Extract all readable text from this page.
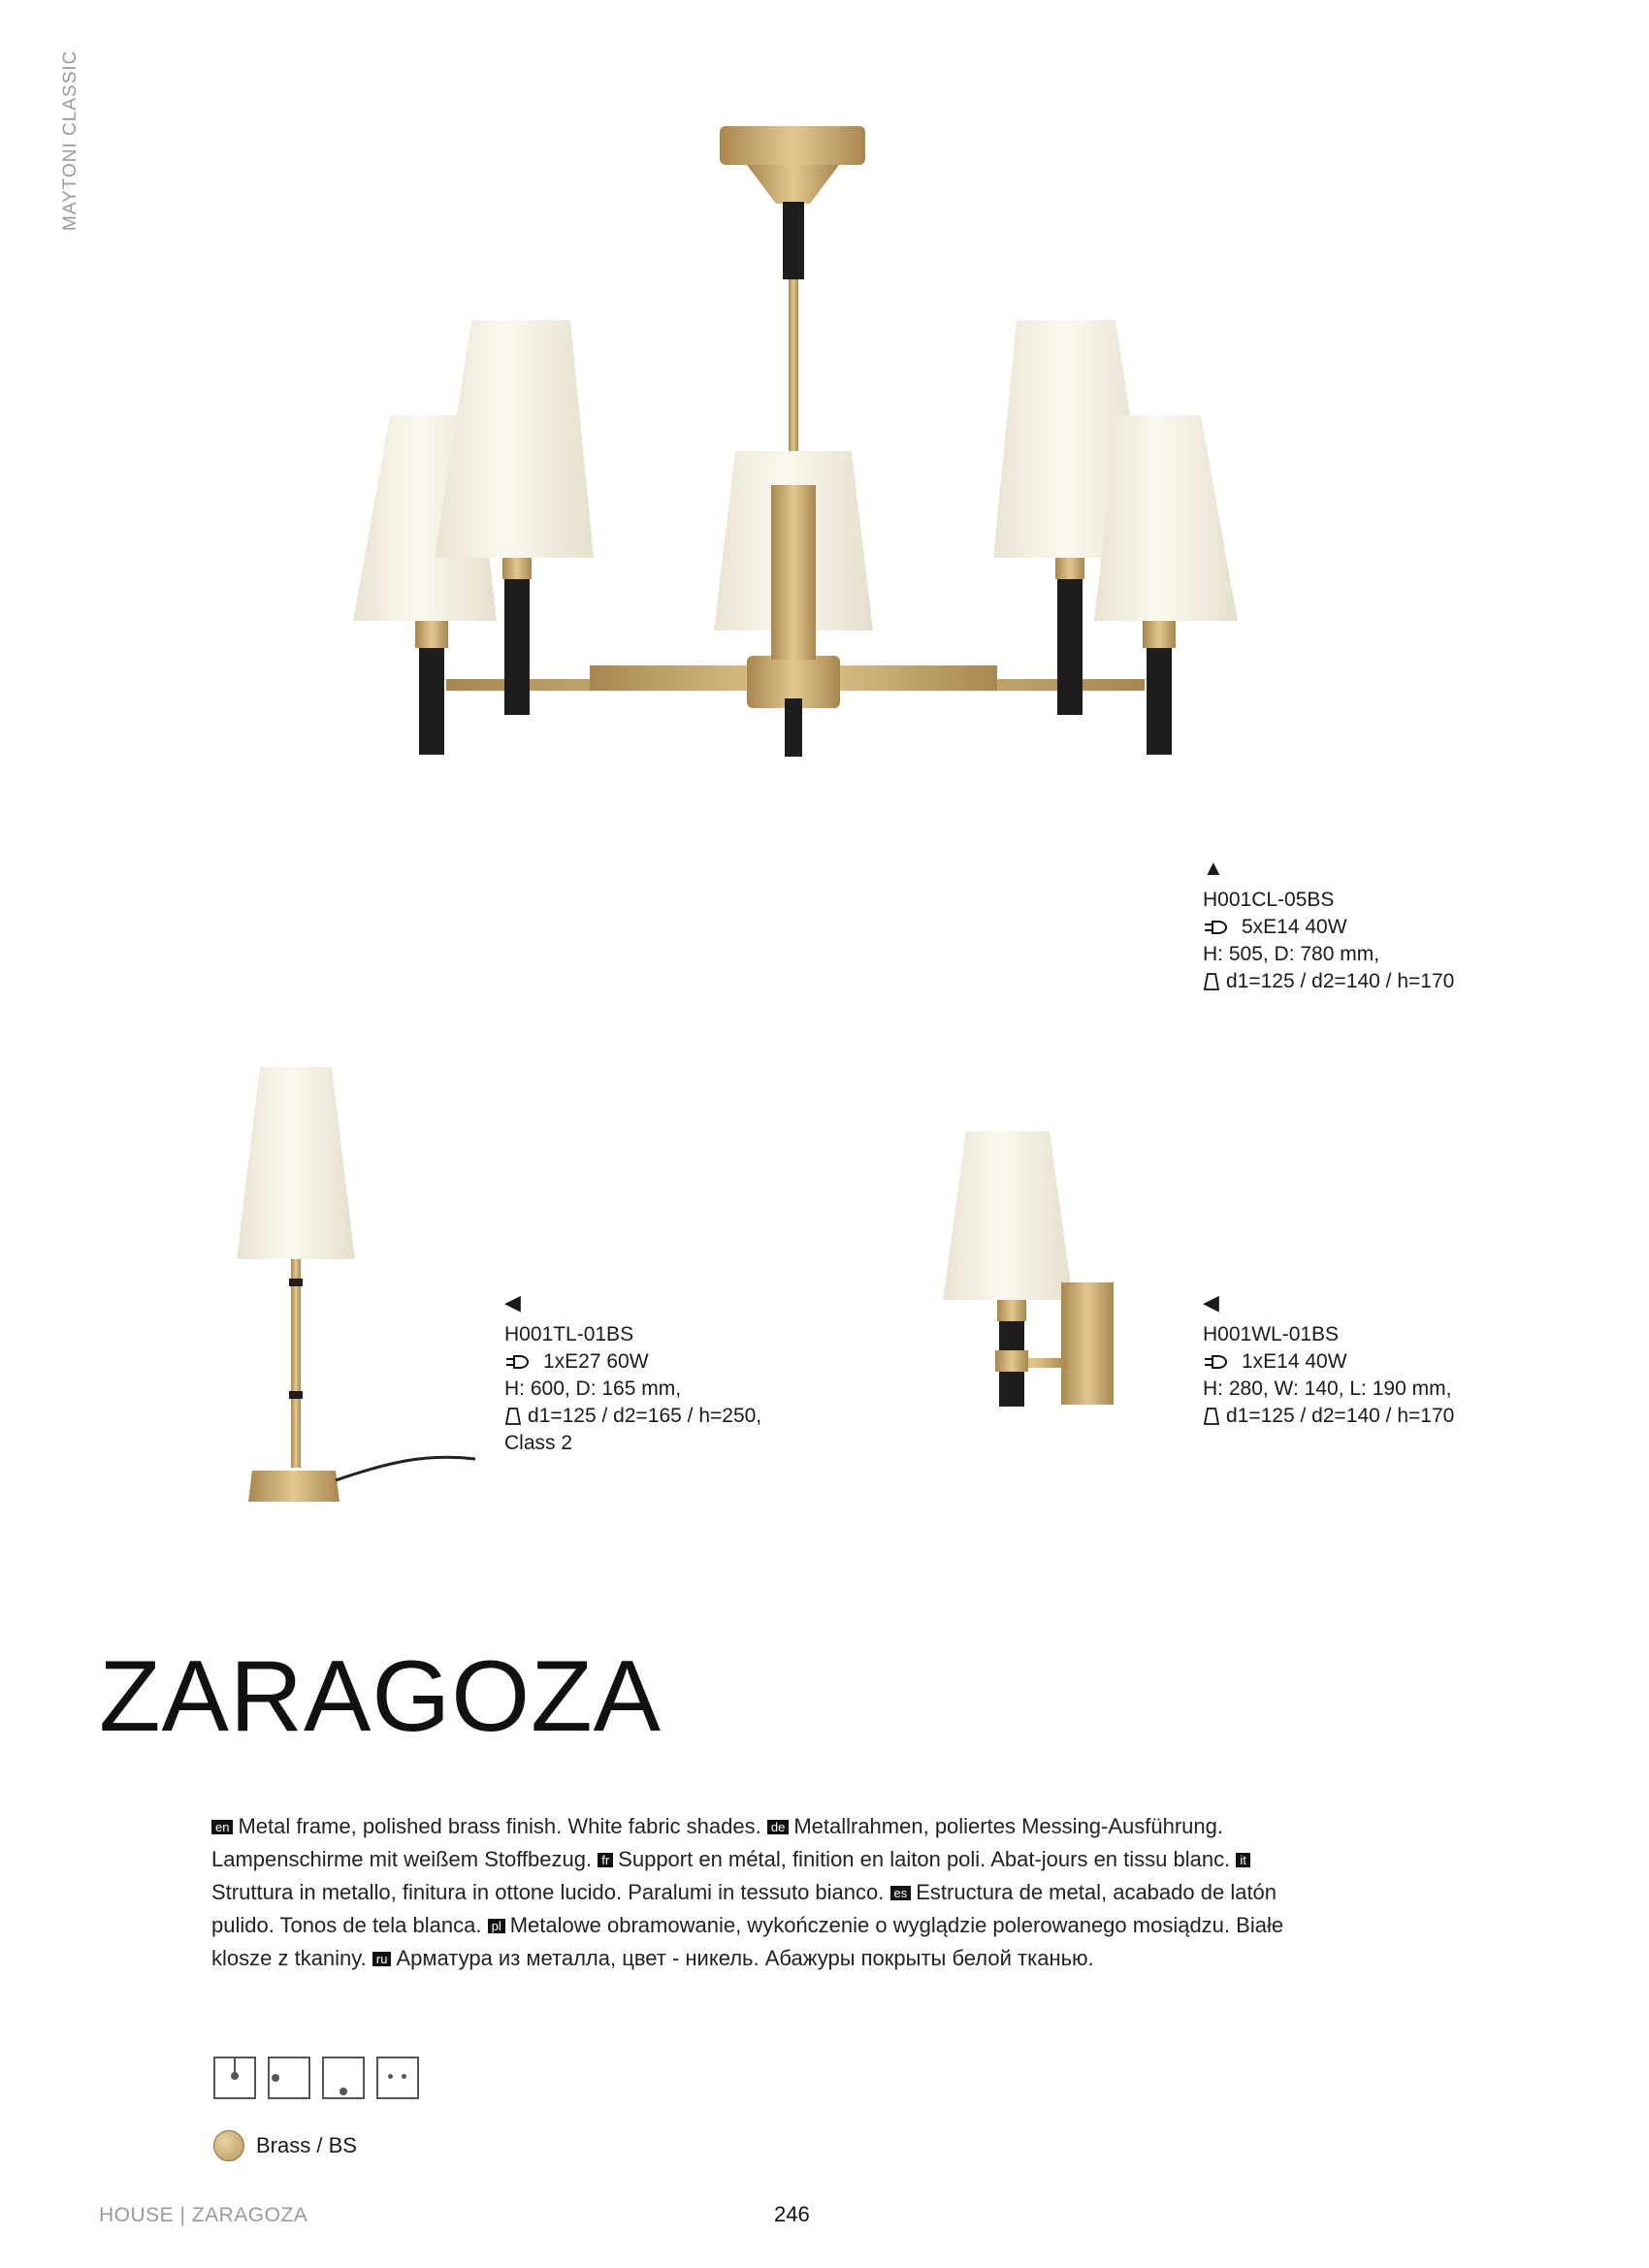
MAYTONI CLASSIC
▲
H001CL-05BS
5xE14 40W
H: 505, D: 780 mm,
d1=125 / d2=140 / h=170
◀
H001TL-01BS
1xE27 60W
H: 600, D: 165 mm,
d1=125 / d2=165 / h=250,
Class 2
◀
H001WL-01BS
1xE14 40W
H: 280, W: 140, L: 190 mm,
d1=125 / d2=140 / h=170
ZARAGOZA
en Metal frame, polished brass finish. White fabric shades. de Metallrahmen, poliertes Messing-Ausführung. Lampenschirme mit weißem Stoffbezug. fr Support en métal, finition en laiton poli. Abat-jours en tissu blanc. itStruttura in metallo, finitura in ottone lucido. Paralumi in tessuto bianco. es Estructura de metal, acabado de latón pulido. Tonos de tela blanca. pl Metalowe obramowanie, wykończenie o wyglądzie polerowanego mosiądzu. Białe klosze z tkaniny. ru Арматура из металла, цвет - никель. Абажуры покрыты белой тканью.
Brass / BS
HOUSE | ZARAGOZA	246
